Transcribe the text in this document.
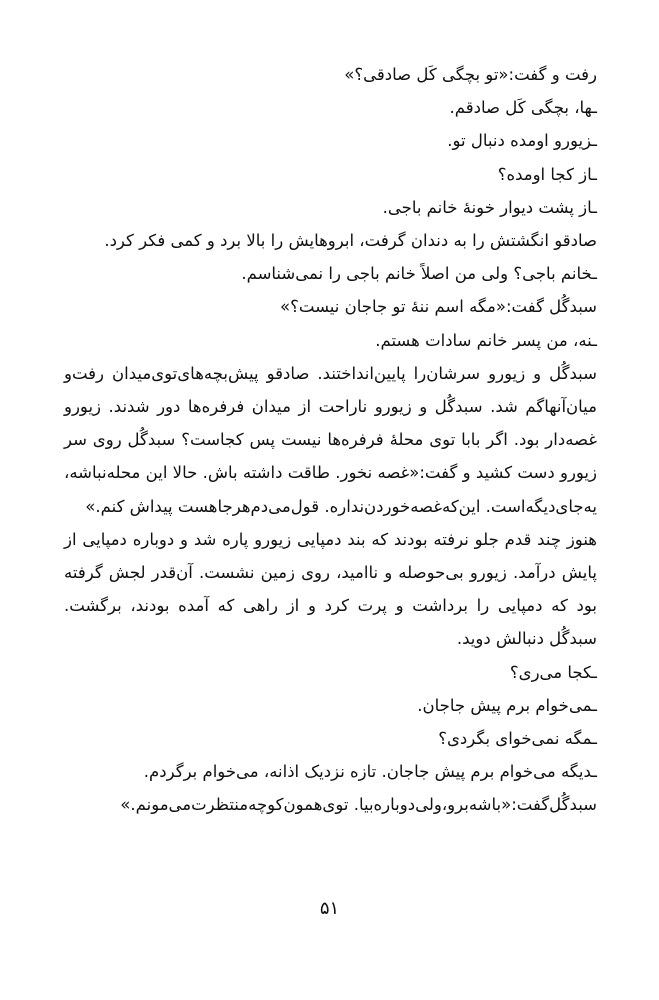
رفت و گفت:«تو بچگی کَل صادقی؟»

ـها، بچگی کَل صادقم.

ـزیورو اومده دنبال تو.

ـاز کجا اومده؟

ـاز پشت دیوار خونهٔ خانم باجی.

صادقو انگشتش را به دندان گرفت، ابروهایش را بالا برد و کمی فکر کرد.

ـخانم باجی؟ ولی من اصلاً خانم باجی را نمی‌شناسم.

سبدگُل گفت:«مگه اسم ننهٔ تو جاجان نیست؟»

ـنه، من پسر خانم سادات هستم.

سبدگُل و زیورو سرشان‌را پایین‌انداختند. صادقو پیش‌بچه‌های‌توی‌میدان رفت‌و میان‌آنها‌گم شد. سبدگُل و زیورو ناراحت از میدان فرفره‌ها دور شدند. زیورو غصه‌دار بود. اگر بابا توی محلهٔ فرفره‌ها نیست پس کجاست؟ سبدگُل روی سر زیورو دست کشید و گفت:«غصه نخور. طاقت داشته باش. حالا این محله‌نباشه، یه‌جای‌دیگه‌است. این‌که‌غصه‌خوردن‌نداره. قول‌می‌دم‌هرجاهست پیداش کنم.»

هنوز چند قدم جلو نرفته بودند که بند دمپایی زیورو پاره شد و دوباره دمپایی از پایش درآمد. زیورو بی‌حوصله و ناامید، روی زمین نشست. آن‌قدر لجش گرفته بود که دمپایی را برداشت و پرت کرد و از راهی که آمده بودند، برگشت. سبدگُل دنبالش دوید.

ـکجا می‌ری؟

ـمی‌خوام برم پیش جاجان.

ـمگه نمی‌خوای بگردی؟

ـدیگه می‌خوام برم پیش جاجان. تازه نزدیک اذانه، می‌خوام برگردم.

سبدگُل‌گفت:«باشه‌برو،ولی‌دوباره‌بیا. توی‌همون‌کوچه‌منتظرت‌می‌مونم.»

۵۱
